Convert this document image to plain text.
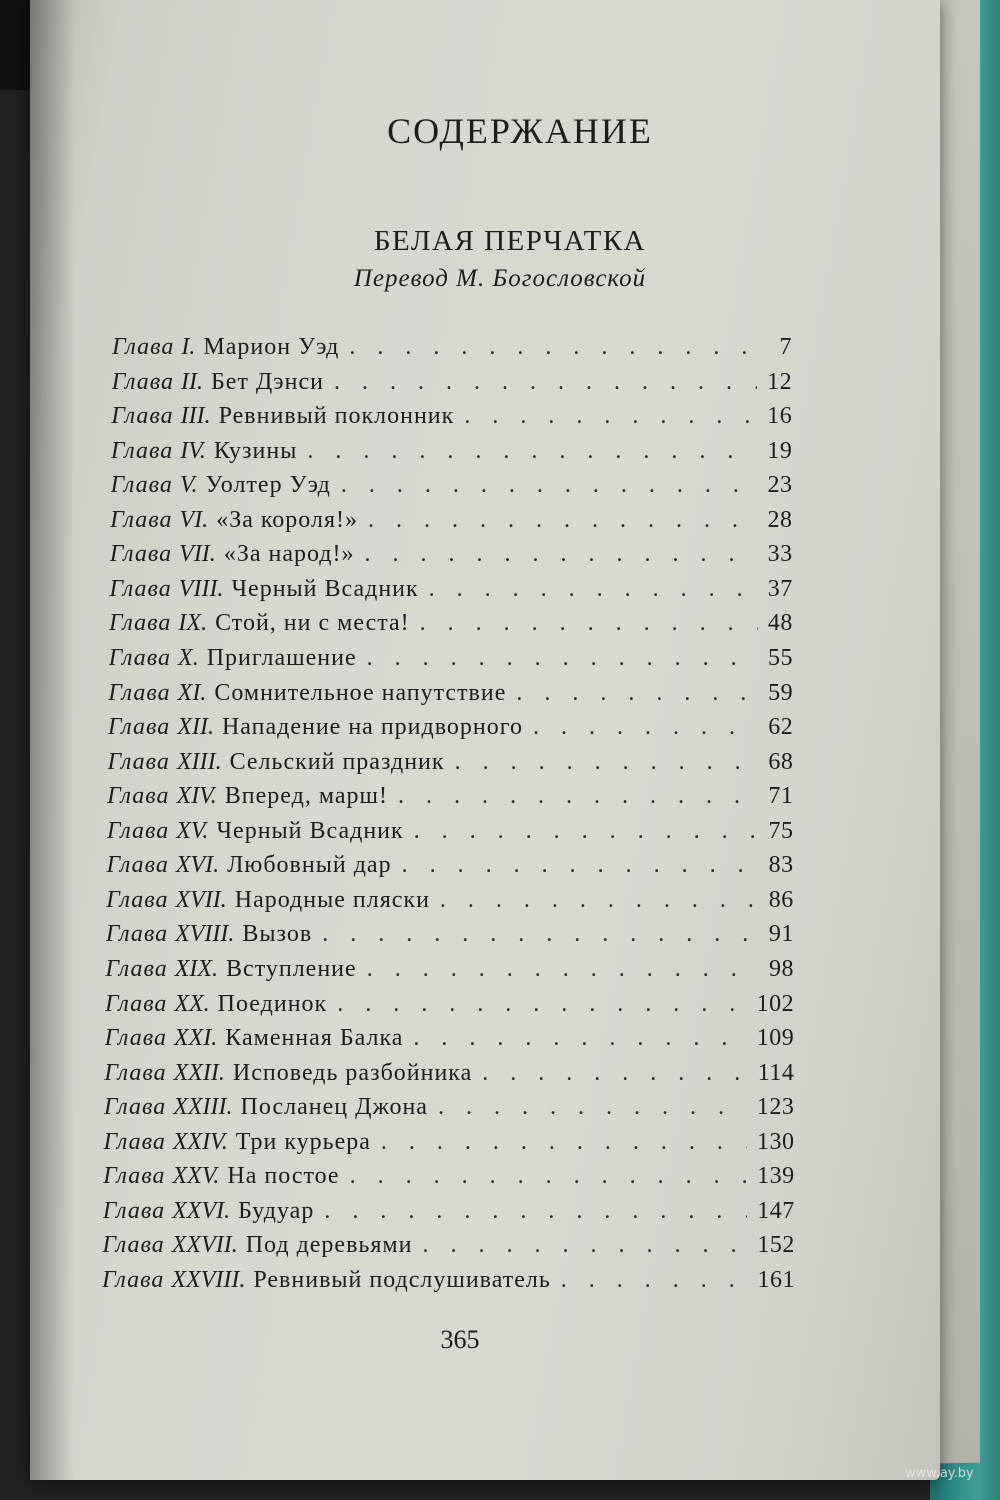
СОДЕРЖАНИЕ
БЕЛАЯ ПЕРЧАТКА
Перевод М. Богословской
Глава I. Марион Уэд . . .	7
Глава II. Бет Дэнси . . .	12
Глава III. Ревнивый поклонник . . .	16
Глава IV. Кузины . . .	19
Глава V. Уолтер Уэд . . .	23
Глава VI. «За короля!» . . .	28
Глава VII. «За народ!» . . .	33
Глава VIII. Черный Всадник . . .	37
Глава IX. Стой, ни с места! . . .	48
Глава X. Приглашение . . .	55
Глава XI. Сомнительное напутствие . . .	59
Глава XII. Нападение на придворного . . .	62
Глава XIII. Сельский праздник . . .	68
Глава XIV. Вперед, марш! . . .	71
Глава XV. Черный Всадник . . .	75
Глава XVI. Любовный дар . . .	83
Глава XVII. Народные пляски . . .	86
Глава XVIII. Вызов . . .	91
Глава XIX. Вступление . . .	98
Глава XX. Поединок . . .	102
Глава XXI. Каменная Балка . . .	109
Глава XXII. Исповедь разбойника . . .	114
Глава XXIII. Посланец Джона . . .	123
Глава XXIV. Три курьера . . .	130
Глава XXV. На постое . . .	139
Глава XXVI. Будуар . . .	147
Глава XXVII. Под деревьями . . .	152
Глава XXVIII. Ревнивый подслушиватель . . .	161
365
www.ay.by
